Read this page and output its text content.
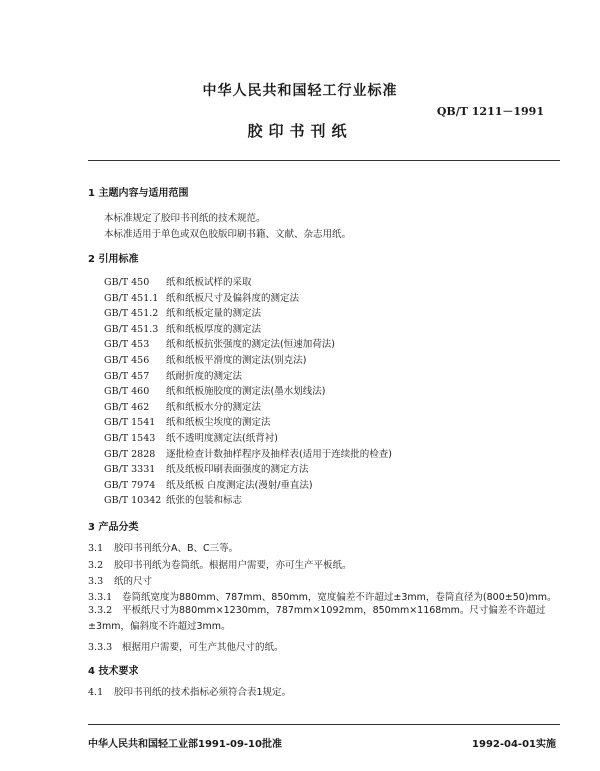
中华人民共和国轻工行业标准
QB/T 1211－1991
胶印书刊纸
1 主题内容与适用范围
本标准规定了胶印书刊纸的技术规范。
本标准适用于单色或双色胶版印刷书籍、文献、杂志用纸。
2 引用标准
GB/T 450 纸和纸板试样的采取
GB/T 451.1 纸和纸板尺寸及偏斜度的测定法
GB/T 451.2 纸和纸板定量的测定法
GB/T 451.3 纸和纸板厚度的测定法
GB/T 453 纸和纸板抗张强度的测定法(恒速加荷法)
GB/T 456 纸和纸板平滑度的测定法(别克法)
GB/T 457 纸耐折度的测定法
GB/T 460 纸和纸板施胶度的测定法(墨水划线法)
GB/T 462 纸和纸板水分的测定法
GB/T 1541 纸和纸板尘埃度的测定法
GB/T 1543 纸不透明度测定法(纸背衬)
GB/T 2828 逐批检查计数抽样程序及抽样表(适用于连续批的检查)
GB/T 3331 纸及纸板印刷表面强度的测定方法
GB/T 7974 纸及纸板 白度测定法(漫射/垂直法)
GB/T 10342 纸张的包装和标志
3 产品分类
3.1 胶印书刊纸分A、B、C三等。
3.2 胶印书刊纸为卷筒纸。根据用户需要，亦可生产平板纸。
3.3 纸的尺寸
3.3.1 卷筒纸宽度为880mm、787mm、850mm，宽度偏差不许超过±3mm，卷筒直径为(800±50)mm。
3.3.2 平板纸尺寸为880mm×1230mm，787mm×1092mm，850mm×1168mm。尺寸偏差不许超过±3mm，偏斜度不许超过3mm。
3.3.3 根据用户需要，可生产其他尺寸的纸。
4 技术要求
4.1 胶印书刊纸的技术指标必须符合表1规定。
中华人民共和国轻工业部1991-09-10批准	1992-04-01实施
